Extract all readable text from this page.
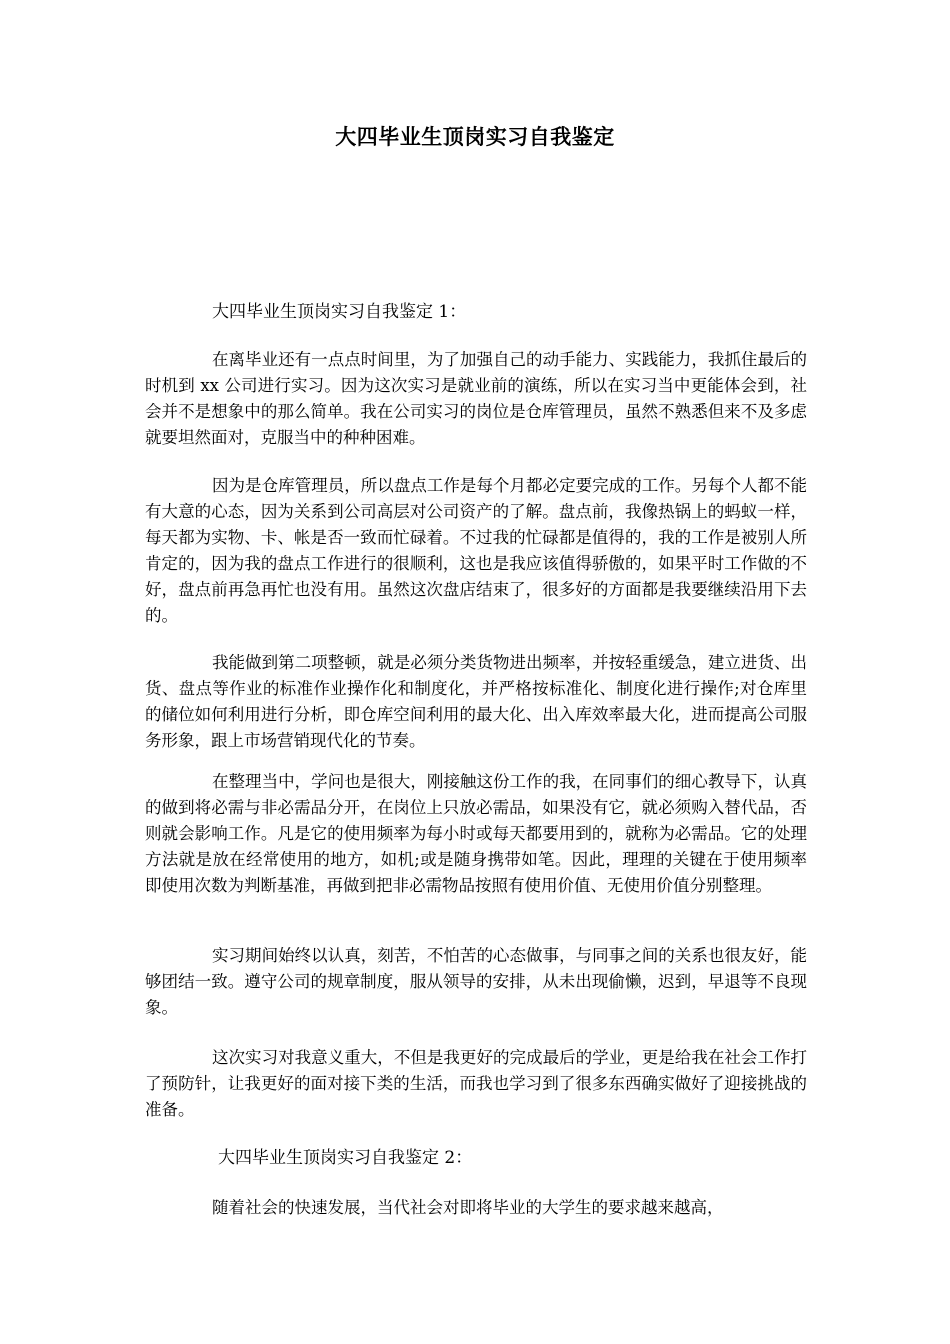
大四毕业生顶岗实习自我鉴定

大四毕业生顶岗实习自我鉴定 1：

在离毕业还有一点点时间里，为了加强自己的动手能力、实践能力，我抓住最后的时机到 xx 公司进行实习。因为这次实习是就业前的演练，所以在实习当中更能体会到，社会并不是想象中的那么简单。我在公司实习的岗位是仓库管理员，虽然不熟悉但来不及多虑就要坦然面对，克服当中的种种困难。

因为是仓库管理员，所以盘点工作是每个月都必定要完成的工作。另每个人都不能有大意的心态，因为关系到公司高层对公司资产的了解。盘点前，我像热锅上的蚂蚁一样，每天都为实物、卡、帐是否一致而忙碌着。不过我的忙碌都是值得的，我的工作是被别人所肯定的，因为我的盘点工作进行的很顺利，这也是我应该值得骄傲的，如果平时工作做的不好，盘点前再急再忙也没有用。虽然这次盘店结束了，很多好的方面都是我要继续沿用下去的。

我能做到第二项整顿，就是必须分类货物进出频率，并按轻重缓急，建立进货、出货、盘点等作业的标准作业操作化和制度化，并严格按标准化、制度化进行操作;对仓库里的储位如何利用进行分析，即仓库空间利用的最大化、出入库效率最大化，进而提高公司服务形象，跟上市场营销现代化的节奏。

在整理当中，学问也是很大，刚接触这份工作的我，在同事们的细心教导下，认真的做到将必需与非必需品分开，在岗位上只放必需品，如果没有它，就必须购入替代品，否则就会影响工作。凡是它的使用频率为每小时或每天都要用到的，就称为必需品。它的处理方法就是放在经常使用的地方，如机;或是随身携带如笔。因此，理理的关键在于使用频率即使用次数为判断基准，再做到把非必需物品按照有使用价值、无使用价值分别整理。

实习期间始终以认真，刻苦，不怕苦的心态做事，与同事之间的关系也很友好，能够团结一致。遵守公司的规章制度，服从领导的安排，从未出现偷懒，迟到，早退等不良现象。

这次实习对我意义重大，不但是我更好的完成最后的学业，更是给我在社会工作打了预防针，让我更好的面对接下类的生活，而我也学习到了很多东西确实做好了迎接挑战的准备。

大四毕业生顶岗实习自我鉴定 2：

随着社会的快速发展，当代社会对即将毕业的大学生的要求越来越高，
